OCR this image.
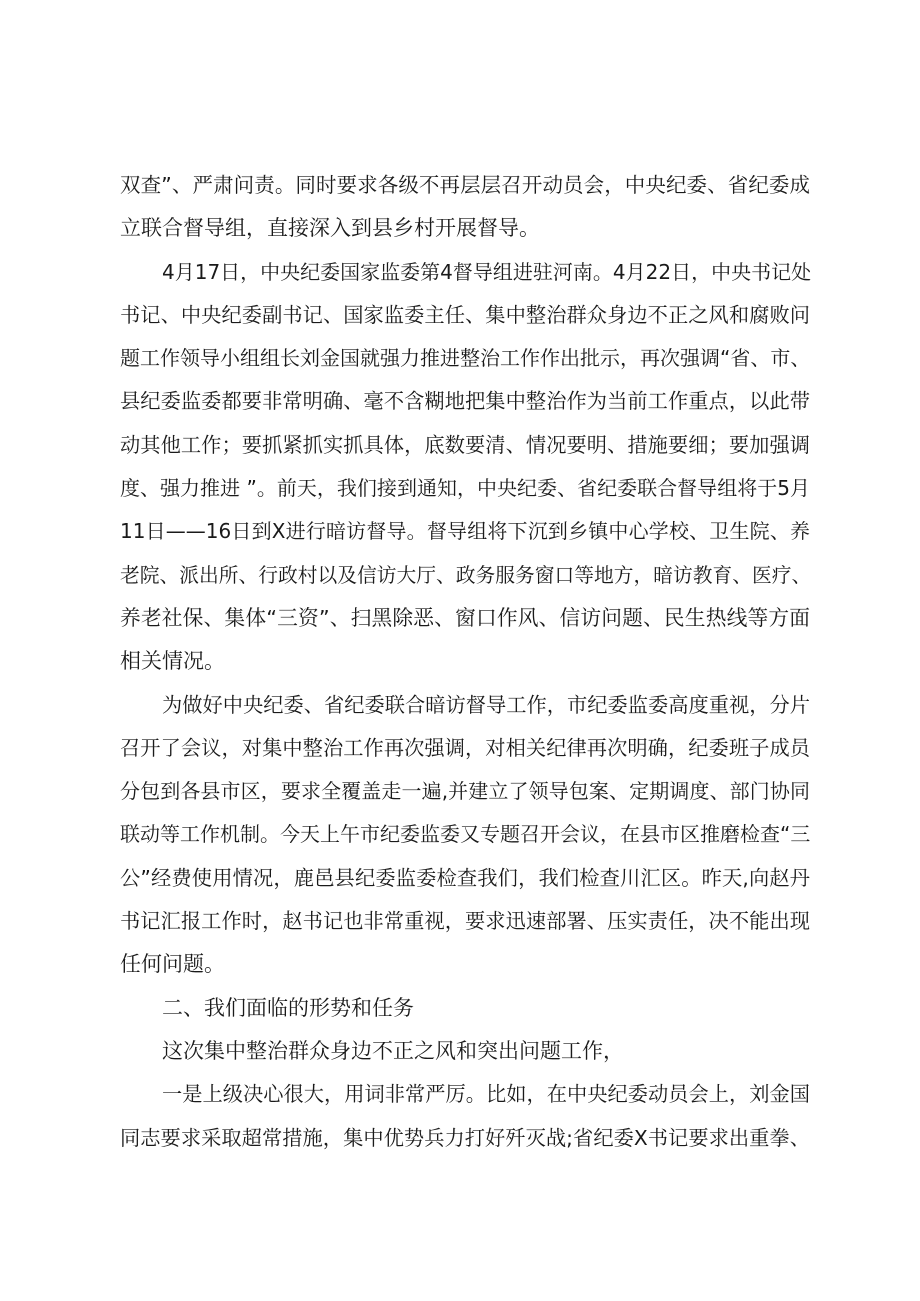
双查”、严肃问责。同时要求各级不再层层召开动员会，中央纪委、省纪委成

立联合督导组，直接深入到县乡村开展督导。

4月17日，中央纪委国家监委第4督导组进驻河南。4月22日，中央书记处

书记、中央纪委副书记、国家监委主任、集中整治群众身边不正之风和腐败问

题工作领导小组组长刘金国就强力推进整治工作作出批示，再次强调“省、市、

县纪委监委都要非常明确、毫不含糊地把集中整治作为当前工作重点，以此带

动其他工作；要抓紧抓实抓具体，底数要清、情况要明、措施要细；要加强调

度、强力推进 ”。前天，我们接到通知，中央纪委、省纪委联合督导组将于5月

11日——16日到X进行暗访督导。督导组将下沉到乡镇中心学校、卫生院、养

老院、派出所、行政村以及信访大厅、政务服务窗口等地方，暗访教育、医疗、

养老社保、集体“三资”、扫黑除恶、窗口作风、信访问题、民生热线等方面

相关情况。

为做好中央纪委、省纪委联合暗访督导工作，市纪委监委高度重视，分片

召开了会议，对集中整治工作再次强调，对相关纪律再次明确，纪委班子成员

分包到各县市区，要求全覆盖走一遍,并建立了领导包案、定期调度、部门协同

联动等工作机制。今天上午市纪委监委又专题召开会议，在县市区推磨检查“三

公”经费使用情况，鹿邑县纪委监委检查我们，我们检查川汇区。昨天,向赵丹

书记汇报工作时，赵书记也非常重视，要求迅速部署、压实责任，决不能出现

任何问题。

二、我们面临的形势和任务

这次集中整治群众身边不正之风和突出问题工作，

一是上级决心很大，用词非常严厉。比如，在中央纪委动员会上，刘金国

同志要求采取超常措施，集中优势兵力打好歼灭战;省纪委X书记要求出重拳、
